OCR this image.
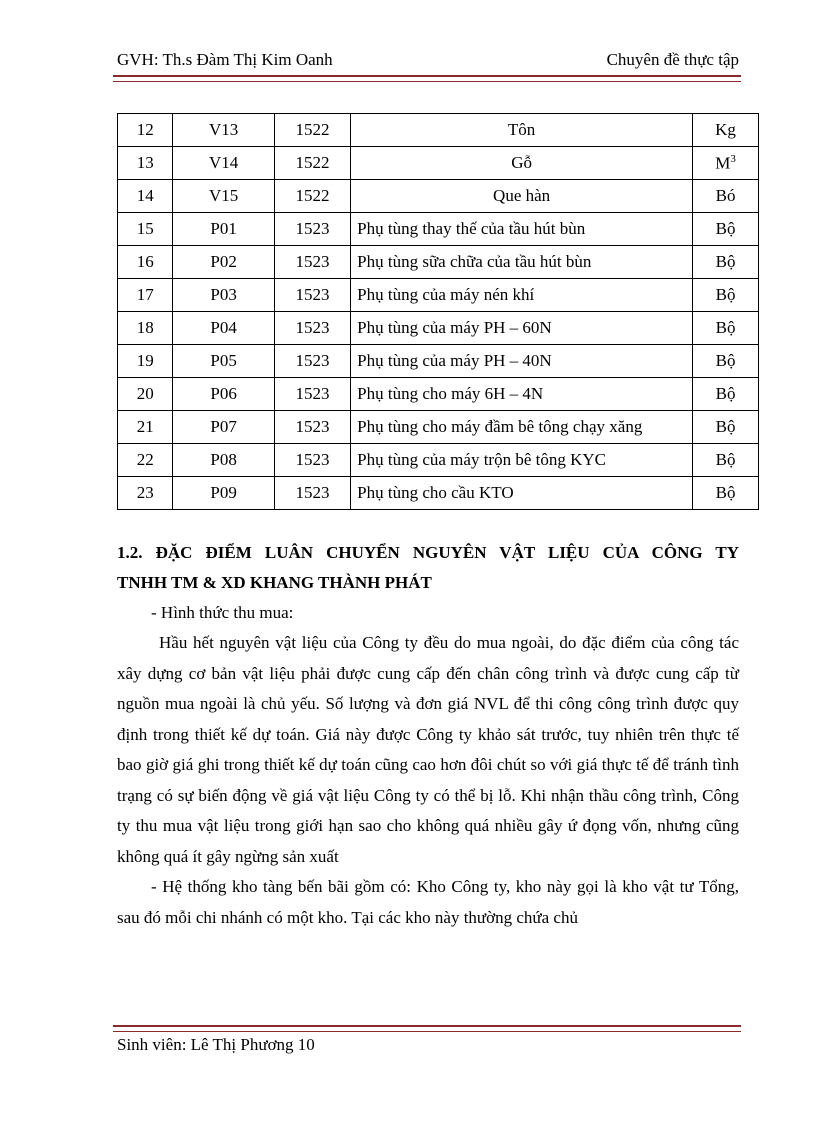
GVH: Th.s Đàm Thị Kim Oanh	Chuyên đề thực tập
12	V13	1522	Tôn	Kg
13	V14	1522	Gỗ	$M^3$
14	V15	1522	Que hàn	Bó
15	P01	1523	Phụ tùng thay thế của tầu hút bùn	Bộ
16	P02	1523	Phụ tùng sữa chữa của tầu hút bùn	Bộ
17	P03	1523	Phụ tùng của máy nén khí	Bộ
18	P04	1523	Phụ tùng của máy PH – 60N	Bộ
19	P05	1523	Phụ tùng của máy PH – 40N	Bộ
20	P06	1523	Phụ tùng cho máy 6H – 4N	Bộ
21	P07	1523	Phụ tùng cho máy đầm bê tông chạy xăng	Bộ
22	P08	1523	Phụ tùng của máy trộn bê tông KYC	Bộ
23	P09	1523	Phụ tùng cho cầu KTO	Bộ
1.2. ĐẶC ĐIỂM LUÂN CHUYỂN NGUYÊN VẬT LIỆU CỦA CÔNG TY
TNHH TM & XD KHANG THÀNH PHÁT
- Hình thức thu mua:

Hầu hết nguyên vật liệu của Công ty đều do mua ngoài, do đặc điểm của công tác xây dựng cơ bản vật liệu phải được cung cấp đến chân công trình và được cung cấp từ nguồn mua ngoài là chủ yếu. Số lượng và đơn giá NVL để thi công công trình được quy định trong thiết kế dự toán. Giá này được Công ty khảo sát trước, tuy nhiên trên thực tế bao giờ giá ghi trong thiết kế dự toán cũng cao hơn đôi chút so với giá thực tế để tránh tình trạng có sự biến động về giá vật liệu Công ty có thể bị lỗ. Khi nhận thầu công trình, Công ty thu mua vật liệu trong giới hạn sao cho không quá nhiều gây ứ đọng vốn, nhưng cũng không quá ít gây ngừng sản xuất

- Hệ thống kho tàng bến bãi gồm có: Kho Công ty, kho này gọi là kho vật tư Tổng, sau đó mỗi chi nhánh có một kho. Tại các kho này thường chứa chủ

Sinh viên: Lê Thị Phương 10
